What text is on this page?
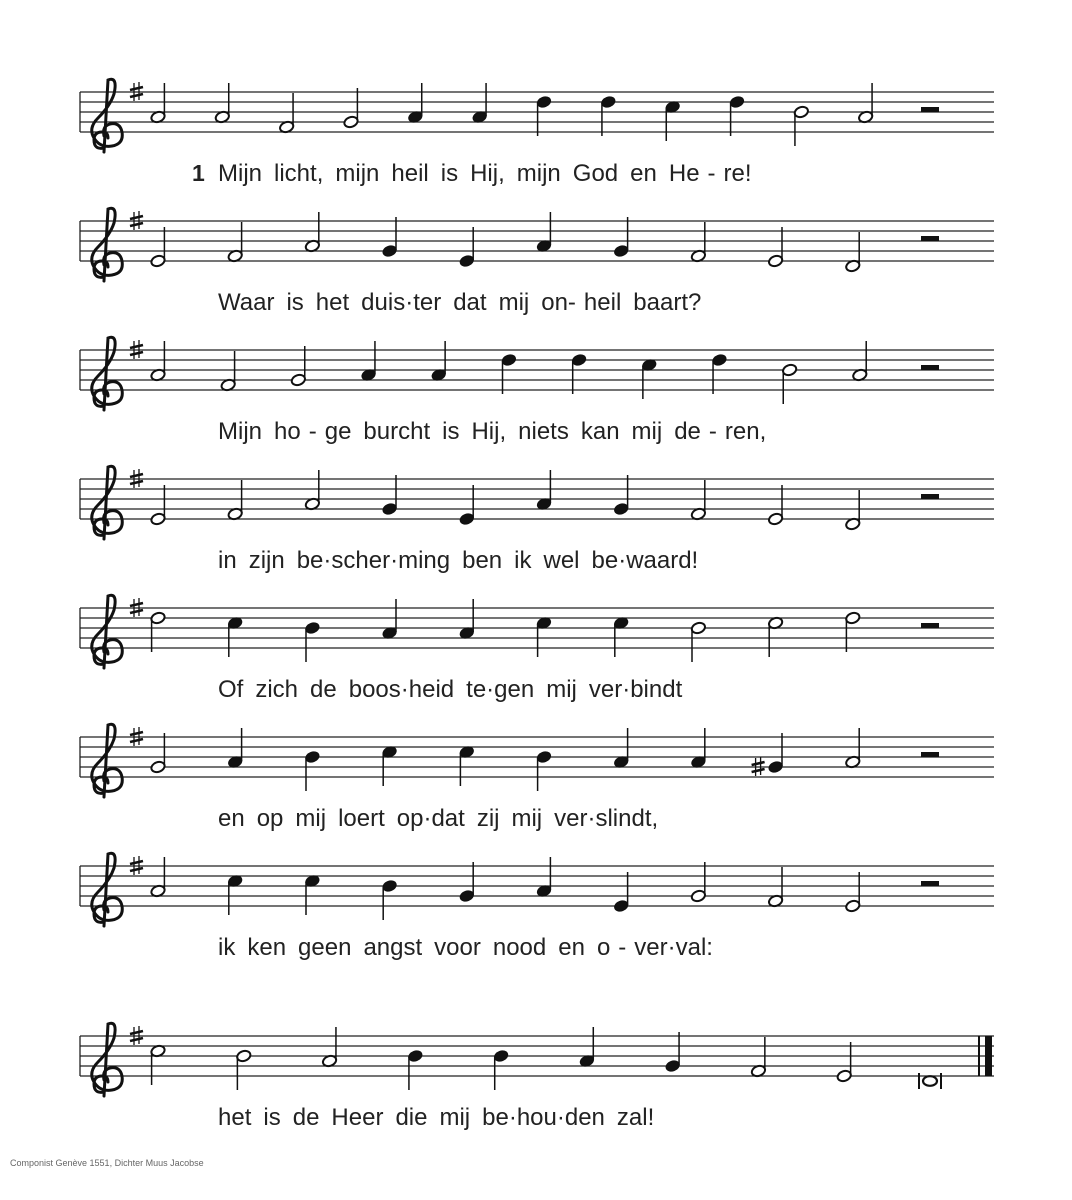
1 Mijn licht, mijn heil is Hij, mijn God en He - re!
Waar is het duis·ter dat mij on- heil baart?
Mijn ho - ge burcht is Hij, niets kan mij de - ren,
in zijn be·scher·ming ben ik wel be·waard!
Of zich de boos·heid te·gen mij ver·bindt
en op mij loert op·dat zij mij ver·slindt,
ik ken geen angst voor nood en o - ver·val:
het is de Heer die mij be·hou·den zal!
Componist Genève 1551, Dichter Muus Jacobse
